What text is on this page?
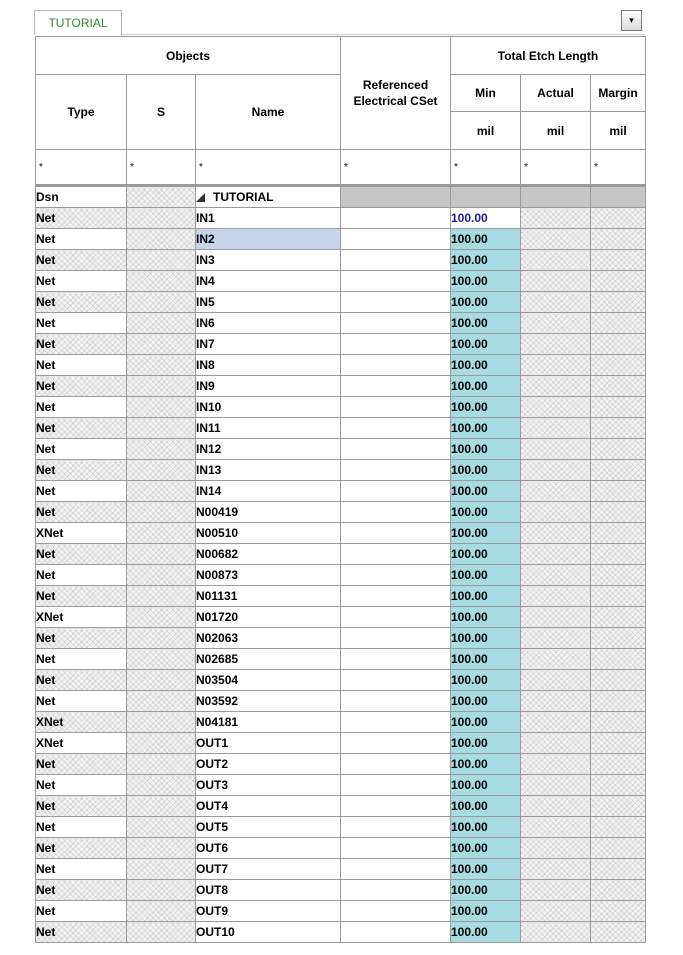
TUTORIAL	▾
Objects			Referenced Electrical CSet	Total Etch Length		
Type	S	Name		Min	Actual	Margin
				mil	mil	mil
*	*	*	*	*	*	*
Dsn		TUTORIAL				
Net		IN1		100.00		
Net		IN2		100.00		
Net		IN3		100.00		
Net		IN4		100.00		
Net		IN5		100.00		
Net		IN6		100.00		
Net		IN7		100.00		
Net		IN8		100.00		
Net		IN9		100.00		
Net		IN10		100.00		
Net		IN11		100.00		
Net		IN12		100.00		
Net		IN13		100.00		
Net		IN14		100.00		
Net		N00419		100.00		
XNet		N00510		100.00		
Net		N00682		100.00		
Net		N00873		100.00		
Net		N01131		100.00		
XNet		N01720		100.00		
Net		N02063		100.00		
Net		N02685		100.00		
Net		N03504		100.00		
Net		N03592		100.00		
XNet		N04181		100.00		
XNet		OUT1		100.00		
Net		OUT2		100.00		
Net		OUT3		100.00		
Net		OUT4		100.00		
Net		OUT5		100.00		
Net		OUT6		100.00		
Net		OUT7		100.00		
Net		OUT8		100.00		
Net		OUT9		100.00		
Net		OUT10		100.00		
